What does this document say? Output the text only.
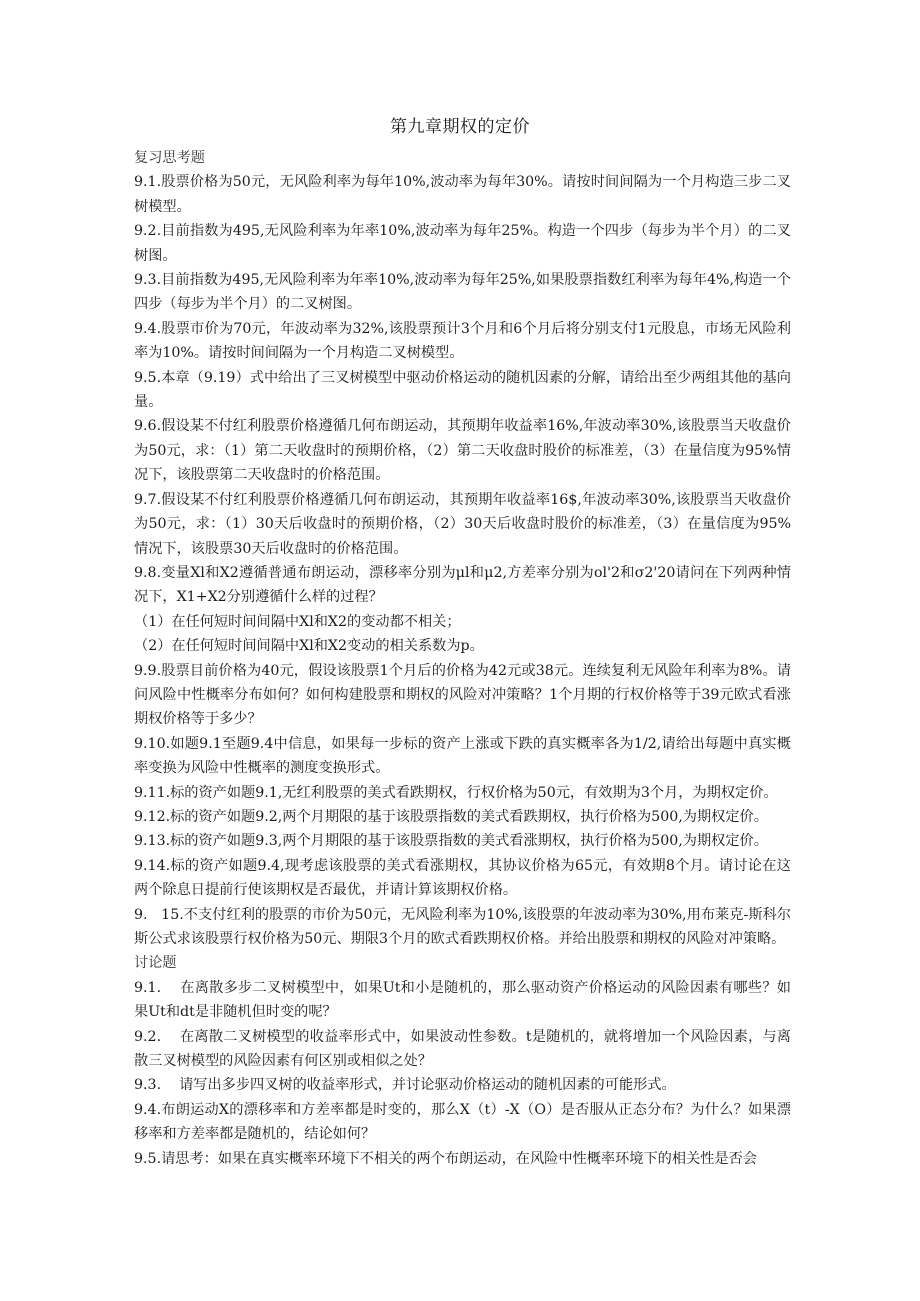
第九章期权的定价

复习思考题

9.1.股票价格为50元，无风险利率为每年10%,波动率为每年30%。请按时间间隔为一个月构造三步二叉树模型。

9.2.目前指数为495,无风险利率为年率10%,波动率为每年25%。构造一个四步（每步为半个月）的二叉树图。

9.3.目前指数为495,无风险利率为年率10%,波动率为每年25%,如果股票指数红利率为每年4%,构造一个四步（每步为半个月）的二叉树图。

9.4.股票市价为70元，年波动率为32%,该股票预计3个月和6个月后将分别支付1元股息，市场无风险利率为10%。请按时间间隔为一个月构造二叉树模型。

9.5.本章（9.19）式中给出了三叉树模型中驱动价格运动的随机因素的分解，请给出至少两组其他的基向量。

9.6.假设某不付红利股票价格遵循几何布朗运动，其预期年收益率16%,年波动率30%,该股票当天收盘价为50元，求：（1）第二天收盘时的预期价格，（2）第二天收盘时股价的标准差，（3）在量信度为95%情况下，该股票第二天收盘时的价格范围。

9.7.假设某不付红利股票价格遵循几何布朗运动，其预期年收益率16$,年波动率30%,该股票当天收盘价为50元，求：（1）30天后收盘时的预期价格，（2）30天后收盘时股价的标准差，（3）在量信度为95%情况下，该股票30天后收盘时的价格范围。

9.8.变量Xl和X2遵循普通布朗运动，漂移率分别为μl和μ2,方差率分别为ol'2和σ2'20请问在下列两种情况下，X1+X2分别遵循什么样的过程？

（1）在任何短时间间隔中Xl和X2的变动都不相关；

（2）在任何短时间间隔中Xl和X2变动的相关系数为p。

9.9.股票目前价格为40元，假设该股票1个月后的价格为42元或38元。连续复利无风险年利率为8%。请问风险中性概率分布如何？如何构建股票和期权的风险对冲策略？1个月期的行权价格等于39元欧式看涨期权价格等于多少？

9.10.如题9.1至题9.4中信息，如果每一步标的资产上涨或下跌的真实概率各为1/2,请给出每题中真实概率变换为风险中性概率的测度变换形式。

9.11.标的资产如题9.1,无红利股票的美式看跌期权，行权价格为50元，有效期为3个月，为期权定价。

9.12.标的资产如题9.2,两个月期限的基于该股票指数的美式看跌期权，执行价格为500,为期权定价。

9.13.标的资产如题9.3,两个月期限的基于该股票指数的美式看涨期权，执行价格为500,为期权定价。

9.14.标的资产如题9.4,现考虑该股票的美式看涨期权，其协议价格为65元，有效期8个月。请讨论在这两个除息日提前行使该期权是否最优，并请计算该期权价格。

9.   15.不支付红利的股票的市价为50元，无风险利率为10%,该股票的年波动率为30%,用布莱克-斯科尔斯公式求该股票行权价格为50元、期限3个月的欧式看跌期权价格。并给出股票和期权的风险对冲策略。

讨论题

9.1.    在离散多步二叉树模型中，如果Ut和小是随机的，那么驱动资产价格运动的风险因素有哪些？如果Ut和dt是非随机但时变的呢？

9.2.    在离散二叉树模型的收益率形式中，如果波动性参数。t是随机的，就将增加一个风险因素，与离散三叉树模型的风险因素有何区别或相似之处？

9.3.    请写出多步四叉树的收益率形式，并讨论驱动价格运动的随机因素的可能形式。

9.4.布朗运动X的漂移率和方差率都是时变的，那么X（t）-X（O）是否服从正态分布？为什么？如果漂移率和方差率都是随机的，结论如何？

9.5.请思考：如果在真实概率环境下不相关的两个布朗运动，在风险中性概率环境下的相关性是否会
